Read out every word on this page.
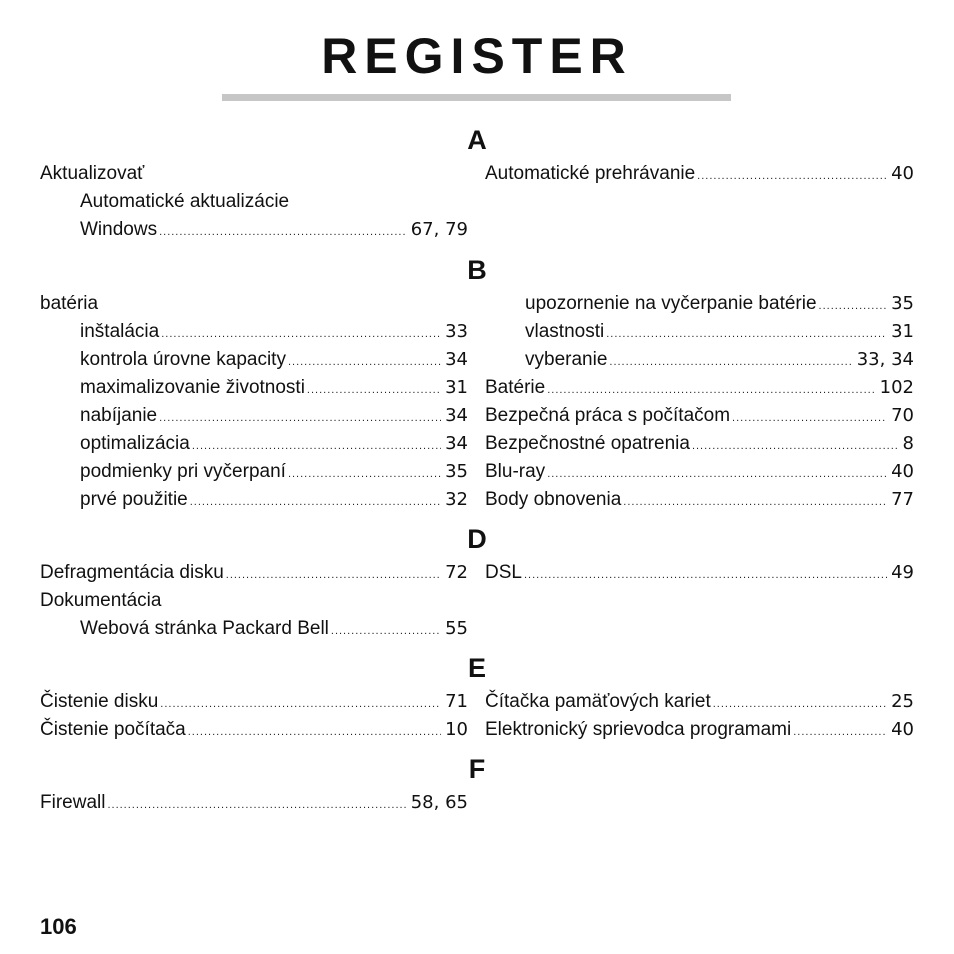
REGISTER
A
Aktualizovať
Automatické aktualizácie
Windows .....	67, 79
Automatické prehrávanie .....	40
B
batéria
inštalácia .....	33
kontrola úrovne kapacity .....	34
maximalizovanie životnosti .....	31
nabíjanie .....	34
optimalizácia .....	34
podmienky pri vyčerpaní .....	35
prvé použitie .....	32
upozornenie na vyčerpanie batérie .....	35
vlastnosti .....	31
vyberanie .....	33, 34
Batérie .....	102
Bezpečná práca s počítačom .....	70
Bezpečnostné opatrenia .....	8
Blu-ray .....	40
Body obnovenia .....	77
D
Defragmentácia disku .....	72
Dokumentácia
Webová stránka Packard Bell .....	55
DSL .....	49
E
Čistenie disku .....	71
Čistenie počítača .....	10
Čítačka pamäťových kariet .....	25
Elektronický sprievodca programami .....	40
F
Firewall .....	58, 65
106
